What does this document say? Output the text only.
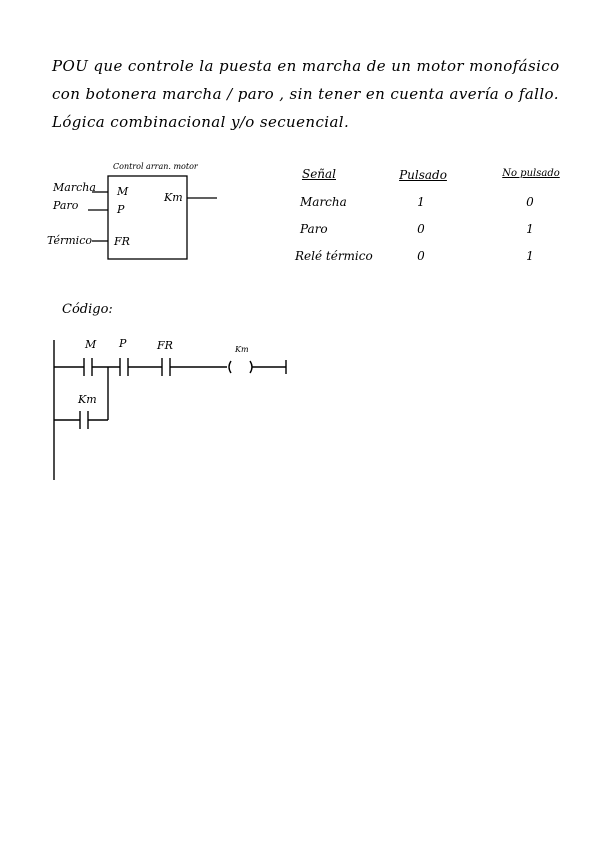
POU que controle la puesta en marcha de un motor monofásico
con botonera marcha / paro , sin tener en cuenta avería o fallo.
Lógica combinacional y/o secuencial.
Control arran. motor
Marcha
Paro
Térmico
M
P
FR
Km
Señal	Pulsado	No pulsado
Marcha	1	0
Paro	0	1
Relé térmico	0	1
Código:
M P	FR	Km
Km
